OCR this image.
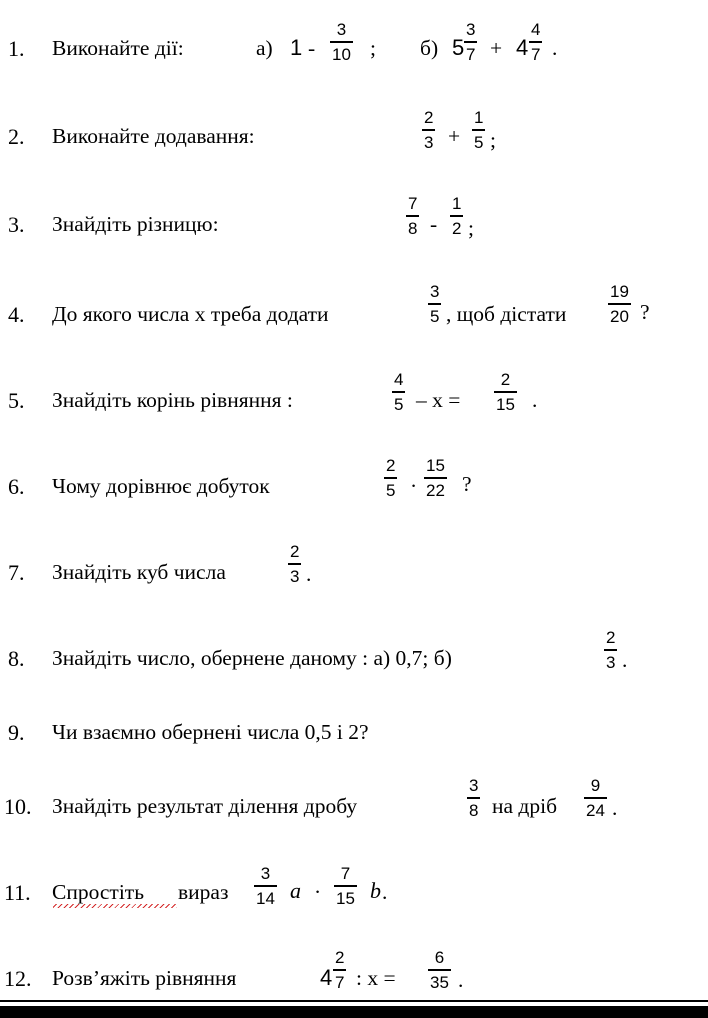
1. Виконайте дії:	а) 1 -
3
10 ; б) 5
3
7 + 4
4
7 .
2. Виконайте додавання:
2
3 +
1
5 ;
3. Знайдіть різницю:
7
8 -
1
2 ;
4. До якого числа х треба додати
3
5 , щоб дістати
19
20 ?
5. Знайдіть корінь рівняння :
4
5 – x =
2
15 .
6. Чому дорівнює добуток
2
5 ·
15
22 ?
7. Знайдіть куб числа
2
3 .
8. Знайдіть число, обернене даному : а) 0,7; б)
2
3 .
9. Чи взаємно обернені числа 0,5 і 2?
10. Знайдіть результат ділення дробу
3
8 на дріб
9
24 .
11. Спростіть вираз
3
14 a ·
7
15 b .
12. Розв’яжіть рівняння	4
2
7 : x =
6
35 .
